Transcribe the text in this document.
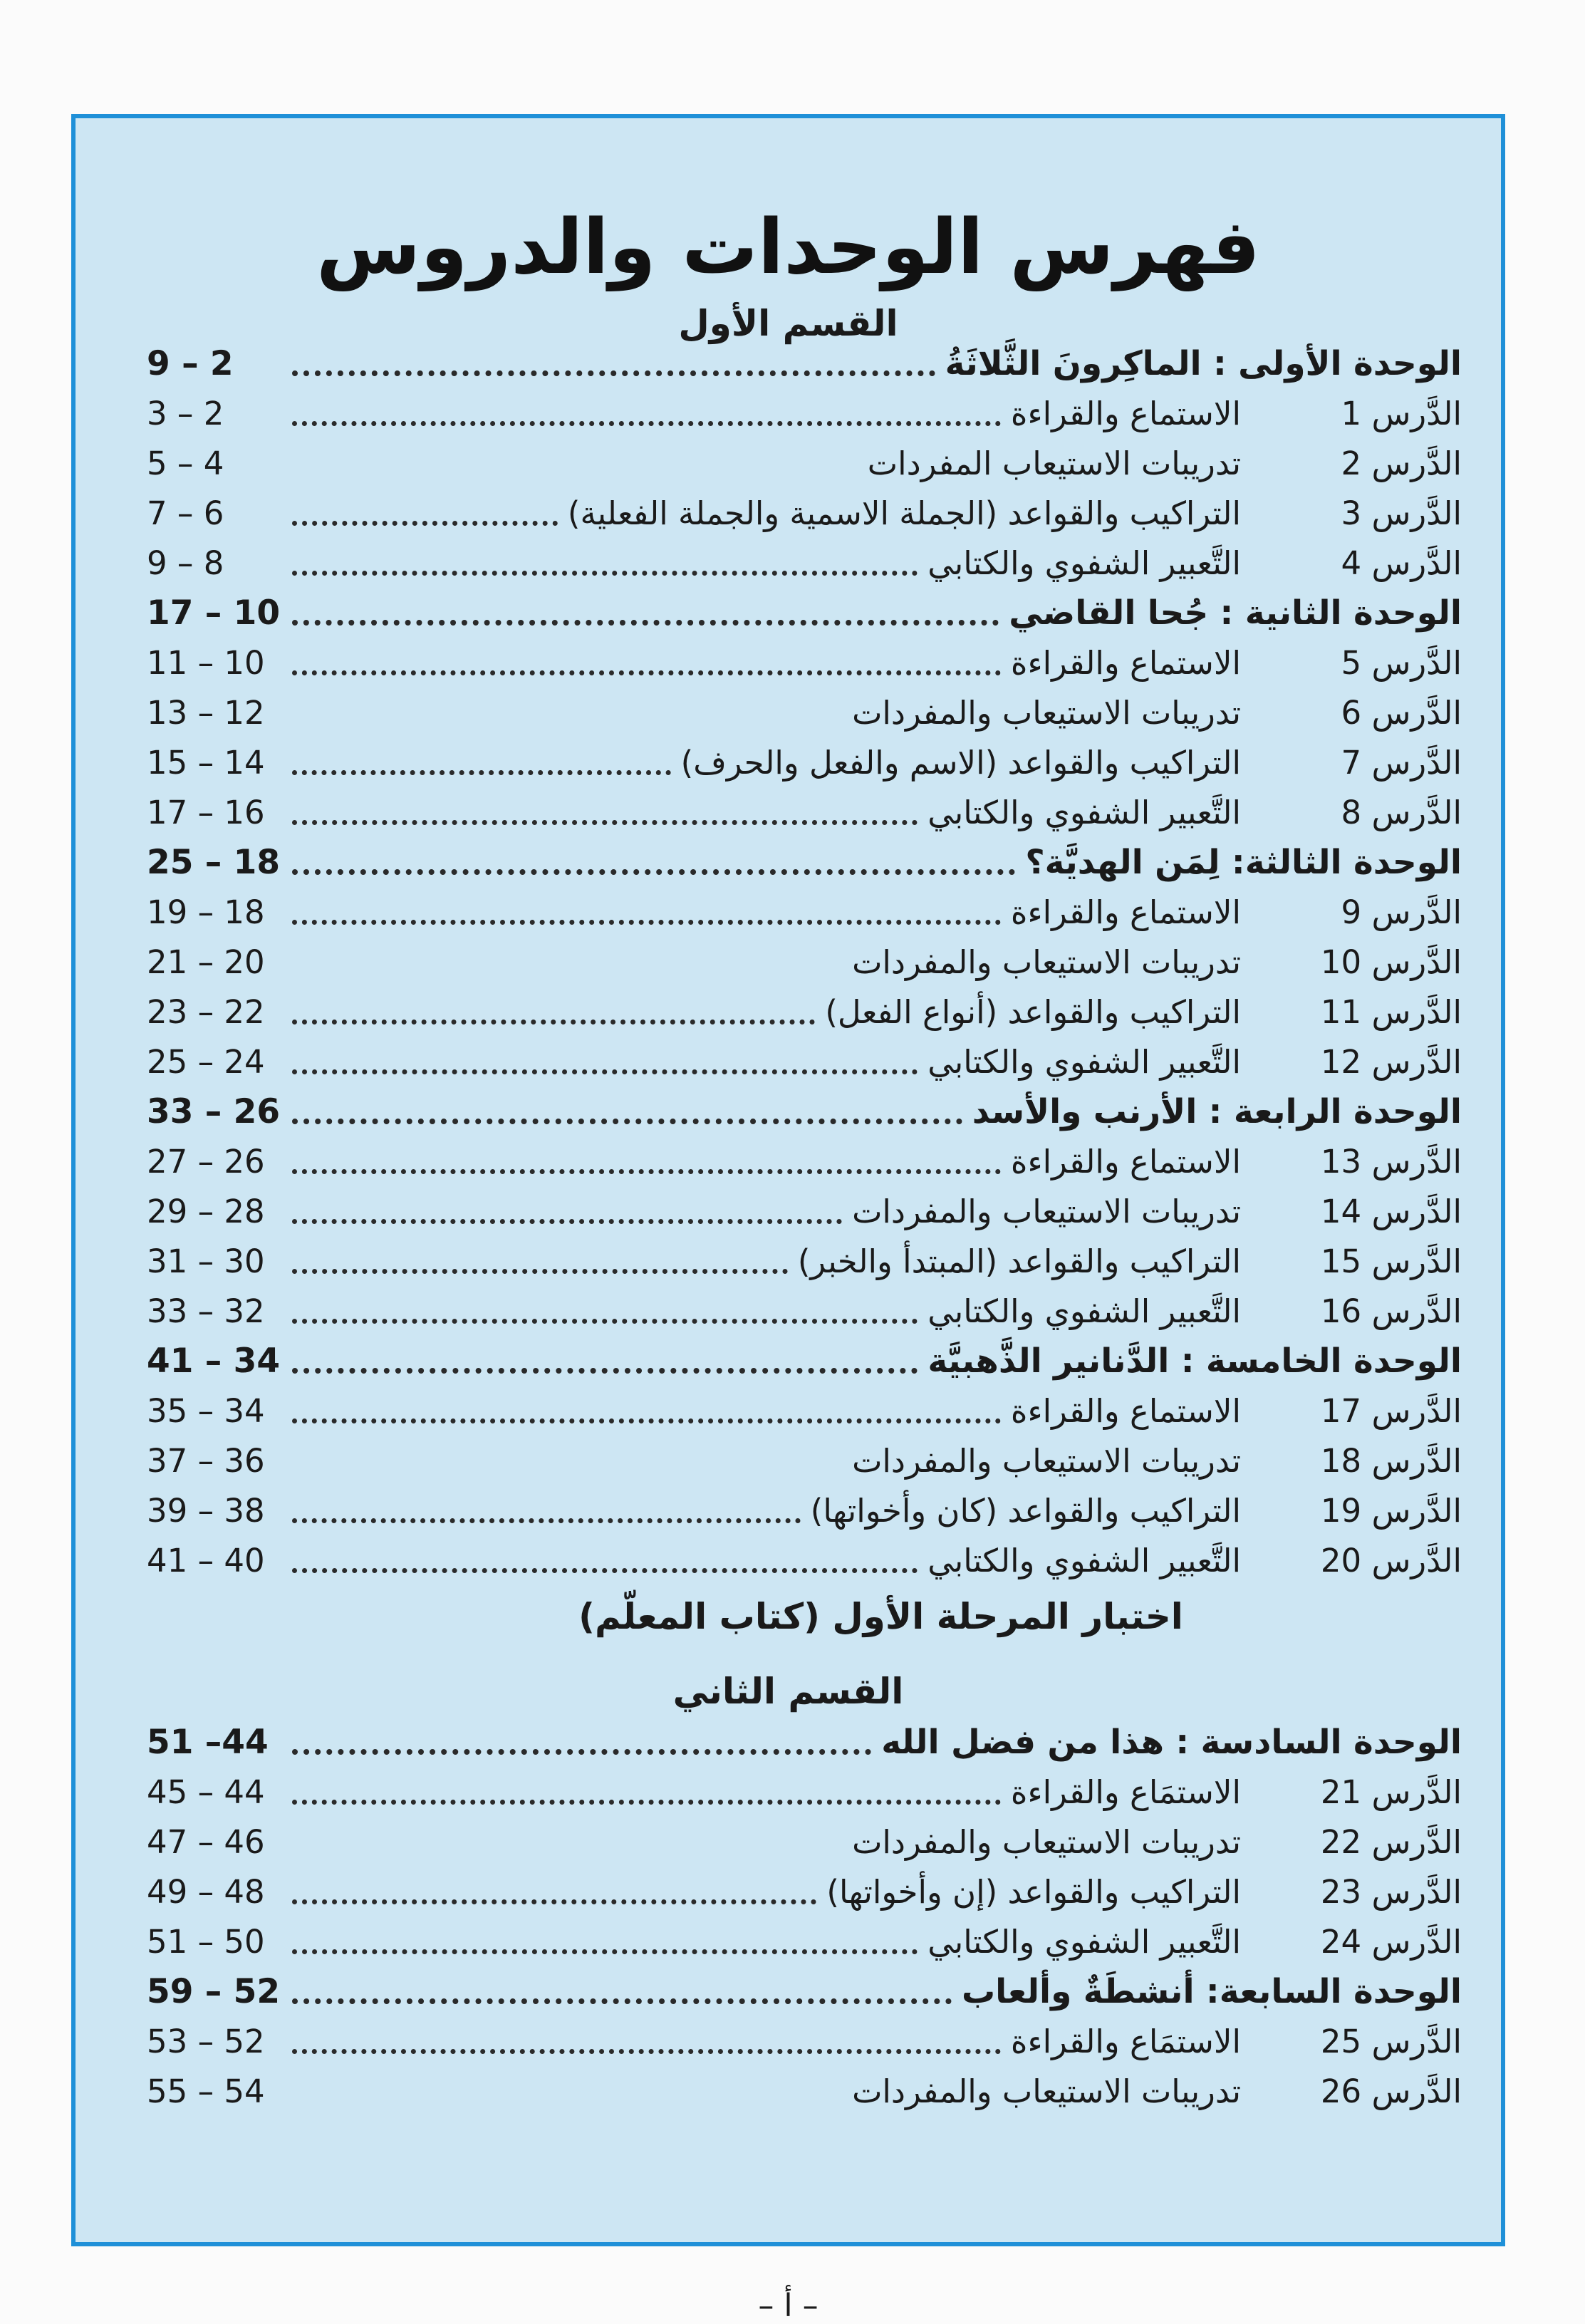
فهرس الوحدات والدروس
القسم الأول
الوحدة الأولى : الماكِرونَ الثَّلاثَةُ
9 – 2
الدَّرس 1
الاستماع والقراءة
3 – 2
الدَّرس 2
تدريبات الاستيعاب المفردات
5 – 4
الدَّرس 3
التراكيب والقواعد (الجملة الاسمية والجملة الفعلية)
7 – 6
الدَّرس 4
التَّعبير الشفوي والكتابي
9 – 8
الوحدة الثانية : جُحا القاضي
17 – 10
الدَّرس 5
الاستماع والقراءة
11 – 10
الدَّرس 6
تدريبات الاستيعاب والمفردات
13 – 12
الدَّرس 7
التراكيب والقواعد (الاسم والفعل والحرف)
15 – 14
الدَّرس 8
التَّعبير الشفوي والكتابي
17 – 16
الوحدة الثالثة: لِمَن الهديَّة؟
25 – 18
الدَّرس 9
الاستماع والقراءة
19 – 18
الدَّرس 10
تدريبات الاستيعاب والمفردات
21 – 20
الدَّرس 11
التراكيب والقواعد (أنواع الفعل)
23 – 22
الدَّرس 12
التَّعبير الشفوي والكتابي
25 – 24
الوحدة الرابعة : الأرنب والأسد
33 – 26
الدَّرس 13
الاستماع والقراءة
27 – 26
الدَّرس 14
تدريبات الاستيعاب والمفردات
29 – 28
الدَّرس 15
التراكيب والقواعد (المبتدأ والخبر)
31 – 30
الدَّرس 16
التَّعبير الشفوي والكتابي
33 – 32
الوحدة الخامسة : الدَّنانير الذَّهبيَّة
41 – 34
الدَّرس 17
الاستماع والقراءة
35 – 34
الدَّرس 18
تدريبات الاستيعاب والمفردات
37 – 36
الدَّرس 19
التراكيب والقواعد (كان وأخواتها)
39 – 38
الدَّرس 20
التَّعبير الشفوي والكتابي
41 – 40
اختبار المرحلة الأول (كتاب المعلّم)
القسم الثاني
الوحدة السادسة : هذا من فضل الله
51 –44
الدَّرس 21
الاستمَاع والقراءة
45 – 44
الدَّرس 22
تدريبات الاستيعاب والمفردات
47 – 46
الدَّرس 23
التراكيب والقواعد (إن وأخواتها)
49 – 48
الدَّرس 24
التَّعبير الشفوي والكتابي
51 – 50
الوحدة السابعة: أنشطَةٌ وألعاب
59 – 52
الدَّرس 25
الاستمَاع والقراءة
53 – 52
الدَّرس 26
تدريبات الاستيعاب والمفردات
55 – 54
– أ –
